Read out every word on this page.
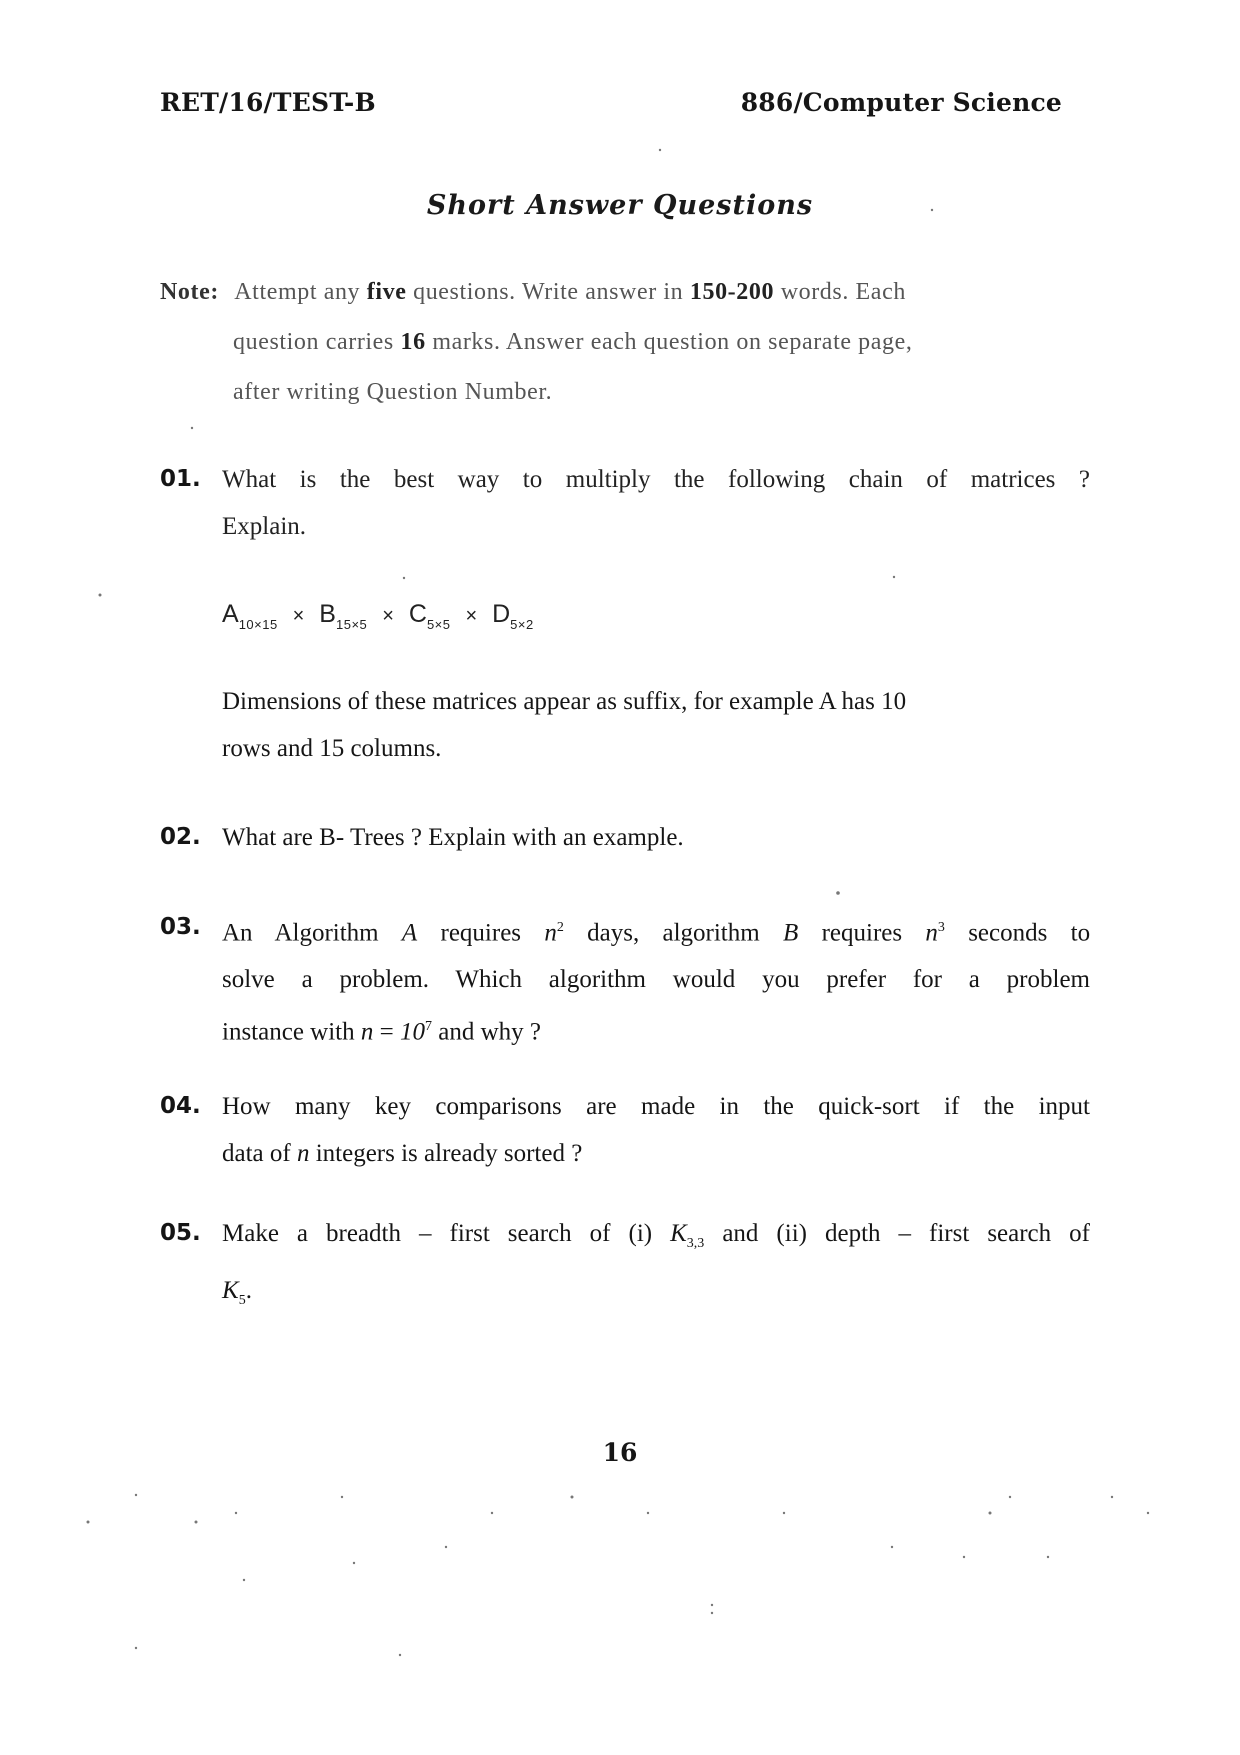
RET/16/TEST-B	886/Computer Science
Short Answer Questions
Note: Attempt any five questions. Write answer in 150-200 words. Each
question carries 16 marks. Answer each question on separate page,
after writing Question Number.
01. What is the best way to multiply the following chain of matrices ?
Explain.
$A_{10\times 15} \times B_{15\times 5} \times C_{5\times 5} \times D_{5\times 2}$
Dimensions of these matrices appear as suffix, for example A has 10
rows and 15 columns.
02. What are B- Trees ? Explain with an example.
03. An Algorithm A requires $n^2$ days, algorithm B requires $n^3$ seconds to
solve a problem. Which algorithm would you prefer for a problem
instance with $n = 10^7$ and why ?
04. How many key comparisons are made in the quick-sort if the input
data of n integers is already sorted ?
05. Make a breadth – first search of (i) $K_{3,3}$ and (ii) depth – first search of
$K_5$.
16
